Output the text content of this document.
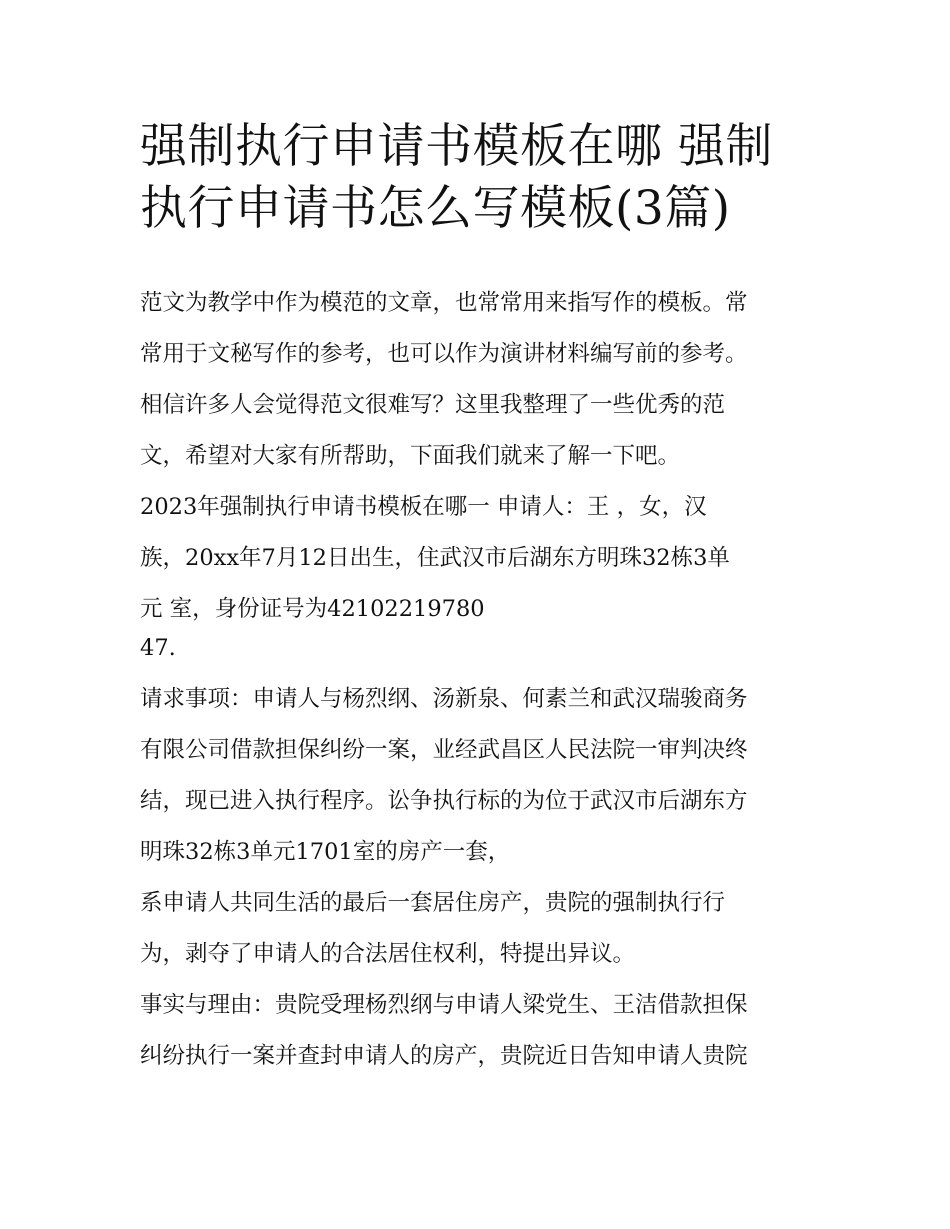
强制执行申请书模板在哪 强制
执行申请书怎么写模板(3篇)

范文为教学中作为模范的文章，也常常用来指写作的模板。常
常用于文秘写作的参考，也可以作为演讲材料编写前的参考。
相信许多人会觉得范文很难写？这里我整理了一些优秀的范
文，希望对大家有所帮助，下面我们就来了解一下吧。

2023年强制执行申请书模板在哪一 申请人：王 ，女，汉
族，20xx年7月12日出生，住武汉市后湖东方明珠32栋3单
元 室，身份证号为42102219780
47.

请求事项：申请人与杨烈纲、汤新泉、何素兰和武汉瑞骏商务
有限公司借款担保纠纷一案，业经武昌区人民法院一审判决终
结，现已进入执行程序。讼争执行标的为位于武汉市后湖东方
明珠32栋3单元1701室的房产一套，

系申请人共同生活的最后一套居住房产，贵院的强制执行行
为，剥夺了申请人的合法居住权利，特提出异议。

事实与理由：贵院受理杨烈纲与申请人梁党生、王洁借款担保
纠纷执行一案并查封申请人的房产，贵院近日告知申请人贵院
